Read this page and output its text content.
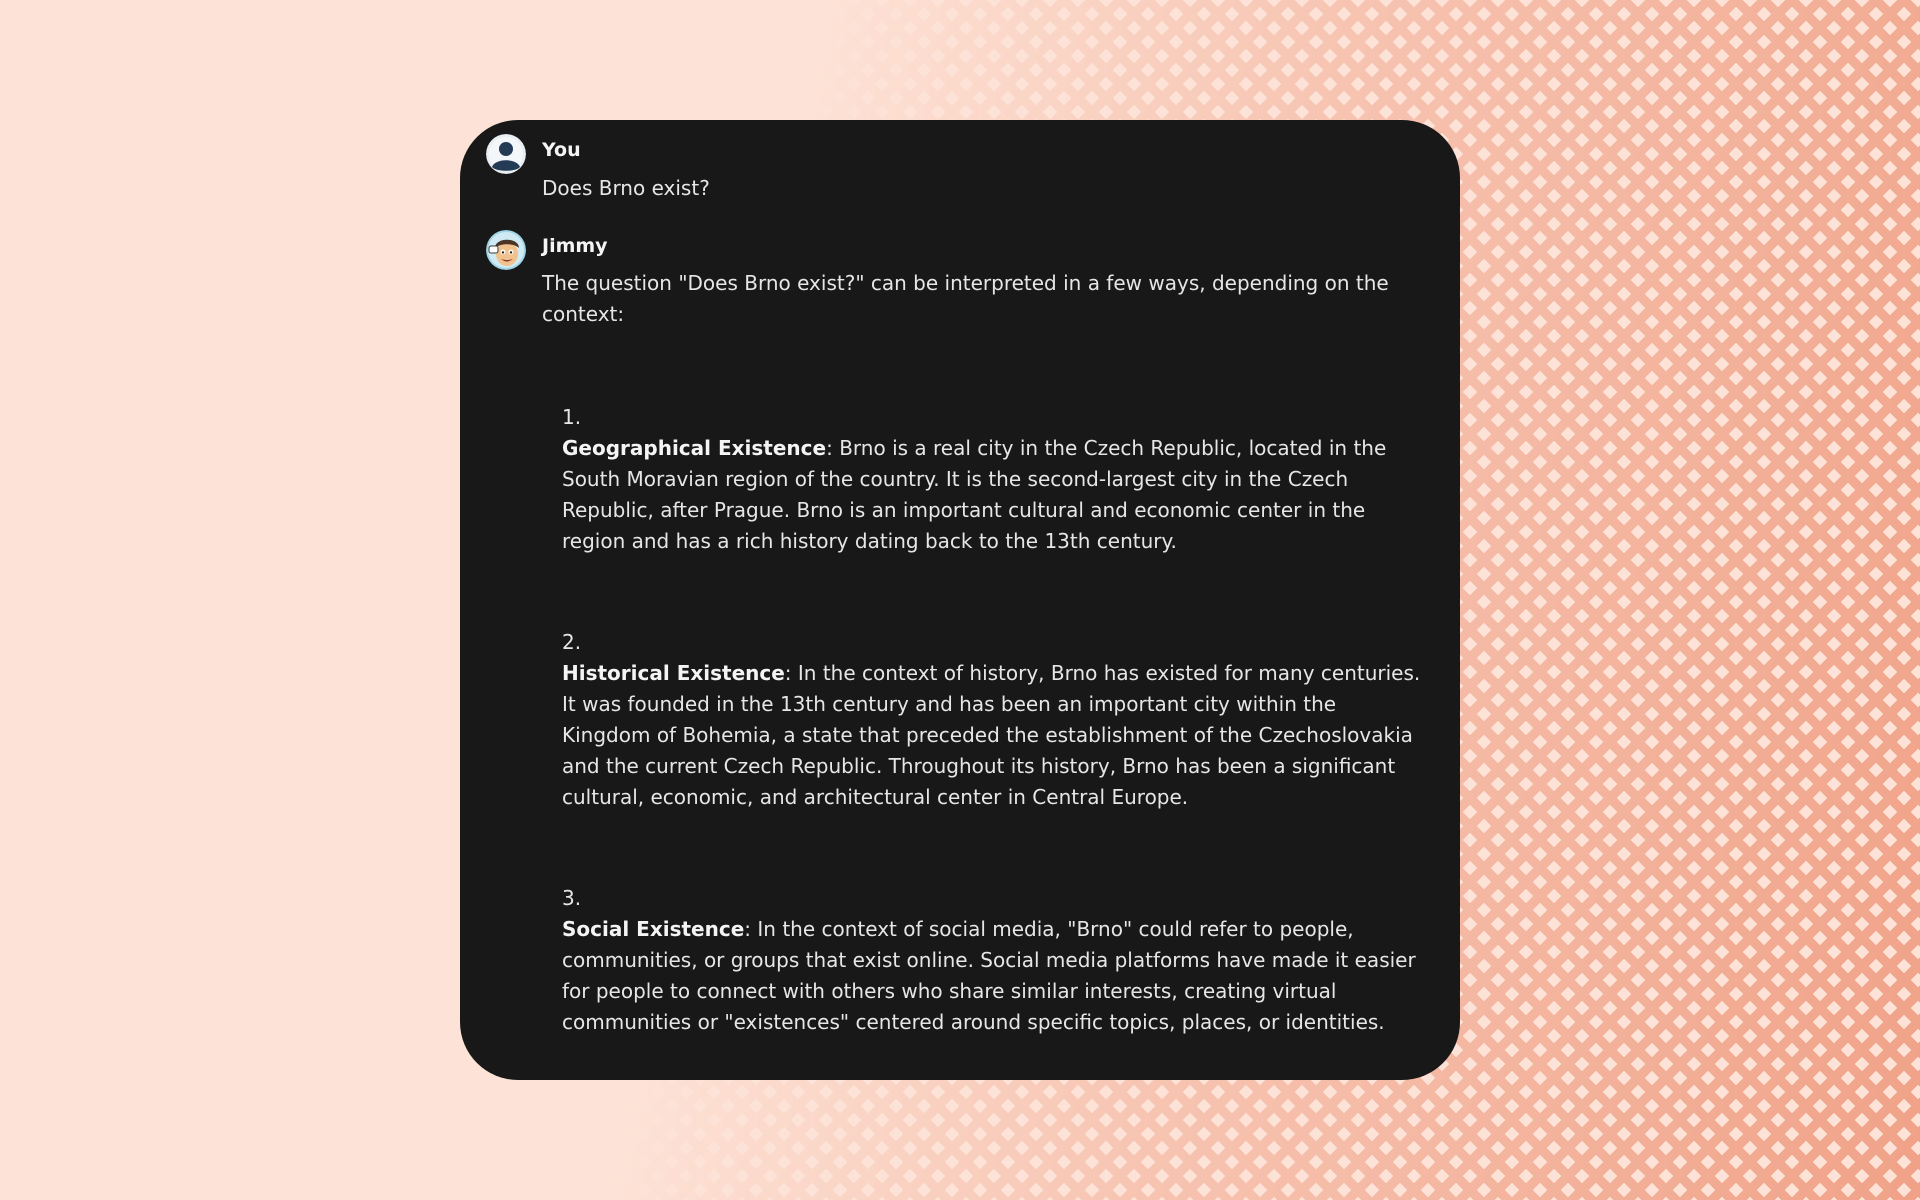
You
Does Brno exist?
Jimmy
The question "Does Brno exist?" can be interpreted in a few ways, depending on the context:
1.
Geographical Existence: Brno is a real city in the Czech Republic, located in the South Moravian region of the country. It is the second-largest city in the Czech Republic, after Prague. Brno is an important cultural and economic center in the region and has a rich history dating back to the 13th century.
2.
Historical Existence: In the context of history, Brno has existed for many centuries. It was founded in the 13th century and has been an important city within the Kingdom of Bohemia, a state that preceded the establishment of the Czechoslovakia and the current Czech Republic. Throughout its history, Brno has been a significant cultural, economic, and architectural center in Central Europe.
3.
Social Existence: In the context of social media, "Brno" could refer to people, communities, or groups that exist online. Social media platforms have made it easier for people to connect with others who share similar interests, creating virtual communities or "existences" centered around specific topics, places, or identities.
